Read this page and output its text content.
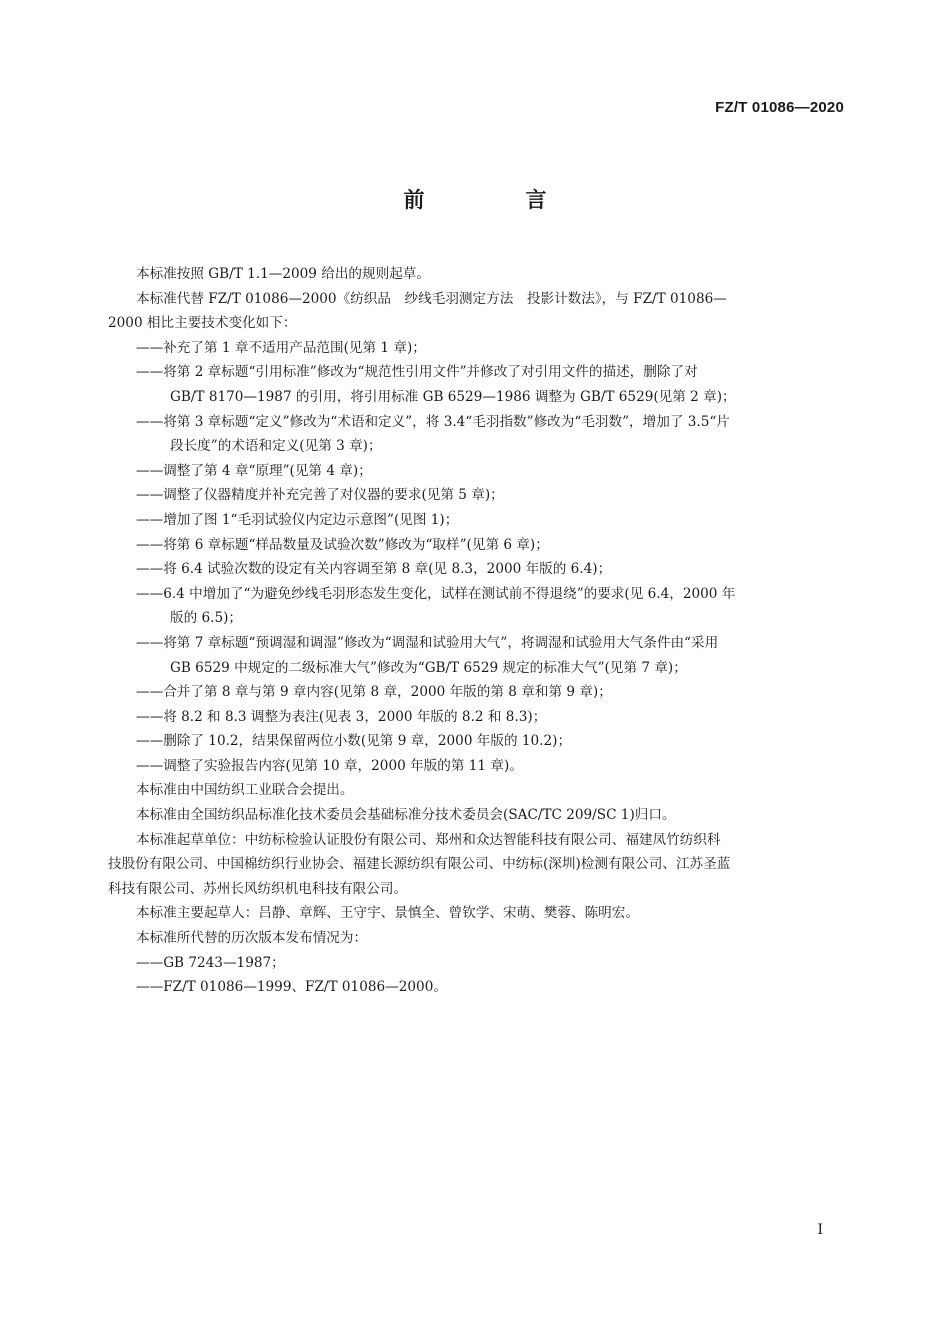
FZ/T 01086—2020
前　言

本标准按照 GB/T 1.1—2009 给出的规则起草。

本标准代替 FZ/T 01086—2000《纺织品　纱线毛羽测定方法　投影计数法》，与 FZ/T 01086—

2000 相比主要技术变化如下：

——补充了第 1 章不适用产品范围(见第 1 章)；

——将第 2 章标题“引用标准”修改为“规范性引用文件”并修改了对引用文件的描述，删除了对

GB/T 8170—1987 的引用，将引用标准 GB 6529—1986 调整为 GB/T 6529(见第 2 章)；

——将第 3 章标题“定义”修改为“术语和定义”，将 3.4“毛羽指数”修改为“毛羽数”，增加了 3.5“片

段长度”的术语和定义(见第 3 章)；

——调整了第 4 章“原理”(见第 4 章)；

——调整了仪器精度并补充完善了对仪器的要求(见第 5 章)；

——增加了图 1“毛羽试验仪内定边示意图”(见图 1)；

——将第 6 章标题“样品数量及试验次数”修改为“取样”(见第 6 章)；

——将 6.4 试验次数的设定有关内容调至第 8 章(见 8.3，2000 年版的 6.4)；

——6.4 中增加了“为避免纱线毛羽形态发生变化，试样在测试前不得退绕”的要求(见 6.4，2000 年

版的 6.5)；

——将第 7 章标题“预调湿和调湿”修改为“调湿和试验用大气”，将调湿和试验用大气条件由“采用

GB 6529 中规定的二级标准大气”修改为“GB/T 6529 规定的标准大气”(见第 7 章)；

——合并了第 8 章与第 9 章内容(见第 8 章，2000 年版的第 8 章和第 9 章)；

——将 8.2 和 8.3 调整为表注(见表 3，2000 年版的 8.2 和 8.3)；

——删除了 10.2，结果保留两位小数(见第 9 章，2000 年版的 10.2)；

——调整了实验报告内容(见第 10 章，2000 年版的第 11 章)。

本标准由中国纺织工业联合会提出。

本标准由全国纺织品标准化技术委员会基础标准分技术委员会(SAC/TC 209/SC 1)归口。

本标准起草单位：中纺标检验认证股份有限公司、郑州和众达智能科技有限公司、福建凤竹纺织科

技股份有限公司、中国棉纺织行业协会、福建长源纺织有限公司、中纺标(深圳)检测有限公司、江苏圣蓝

科技有限公司、苏州长风纺织机电科技有限公司。

本标准主要起草人：吕静、章辉、王守宇、景慎全、曾钦学、宋萌、樊蓉、陈明宏。

本标准所代替的历次版本发布情况为：

——GB 7243—1987；

——FZ/T 01086—1999、FZ/T 01086—2000。

I
